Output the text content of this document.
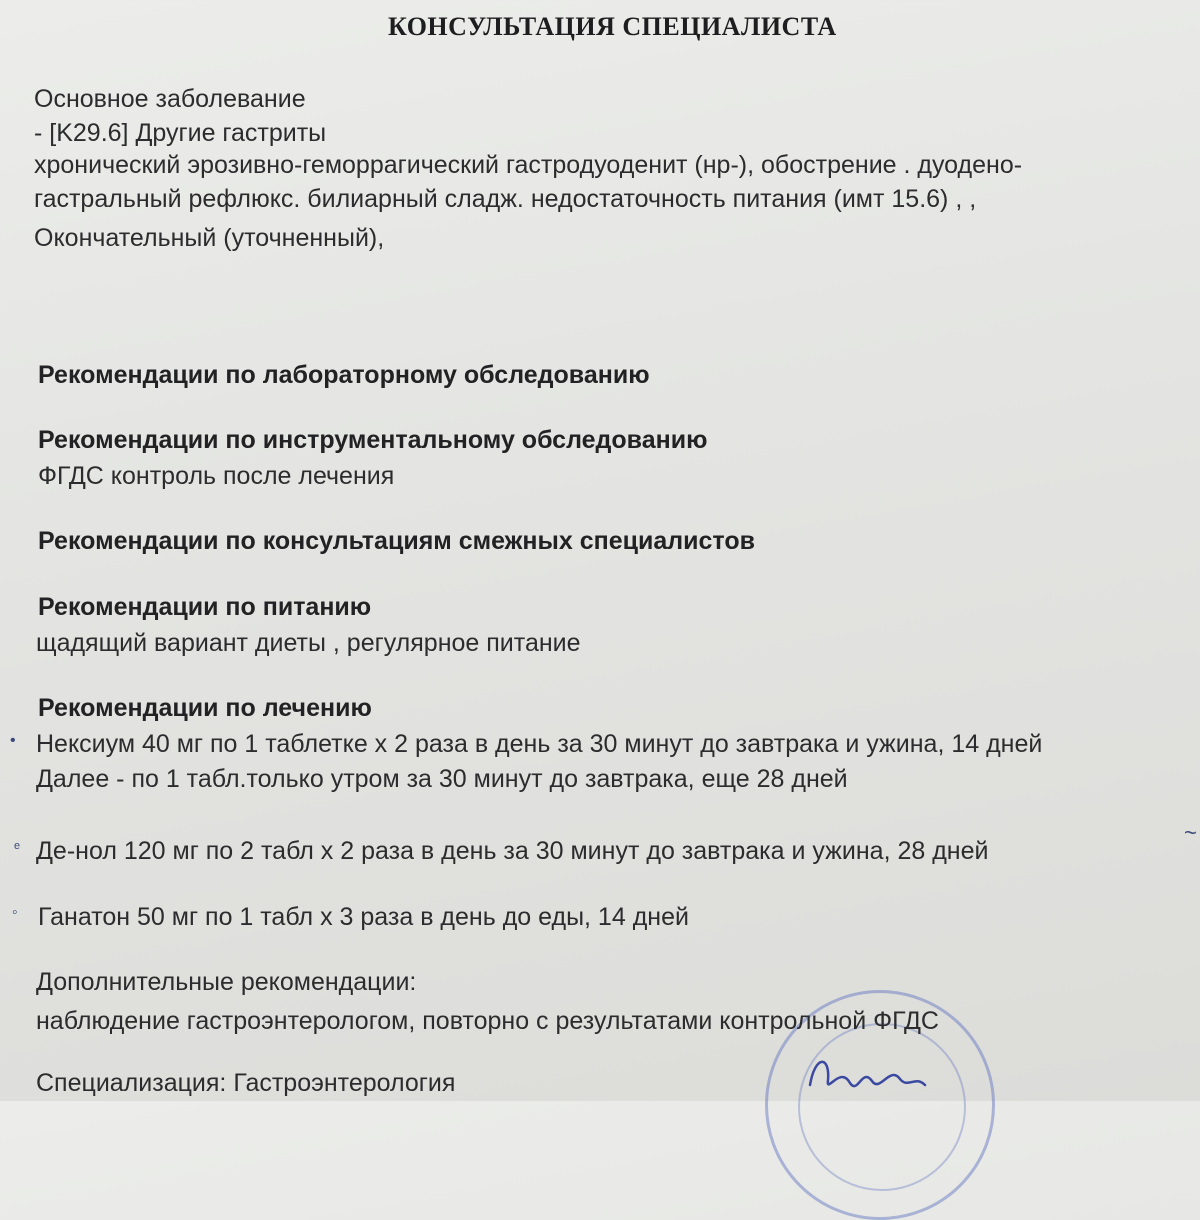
КОНСУЛЬТАЦИЯ СПЕЦИАЛИСТА
Основное заболевание
- [K29.6] Другие гастриты
хронический эрозивно-геморрагический гастродуоденит (нр-), обострение . дуодено-
гастральный рефлюкс. билиарный сладж. недостаточность питания (имт 15.6) , ,
Окончательный (уточненный),
Рекомендации по лабораторному обследованию
Рекомендации по инструментальному обследованию
ФГДС контроль после лечения
Рекомендации по консультациям смежных специалистов
Рекомендации по питанию
щадящий вариант диеты , регулярное питание
Рекомендации по лечению
• Нексиум 40 мг по 1 таблетке х 2 раза в день за 30 минут до завтрака и ужина, 14 дней
Далее - по 1 табл.только утром за 30 минут до завтрака, еще 28 дней
ᵉ Де-нол 120 мг по 2 табл х 2 раза в день за 30 минут до завтрака и ужина, 28 дней
◦ Ганатон 50 мг по 1 табл х 3 раза в день до еды, 14 дней
~
Дополнительные рекомендации:
наблюдение гастроэнтерологом, повторно с результатами контрольной ФГДС
Специализация: Гастроэнтерология
